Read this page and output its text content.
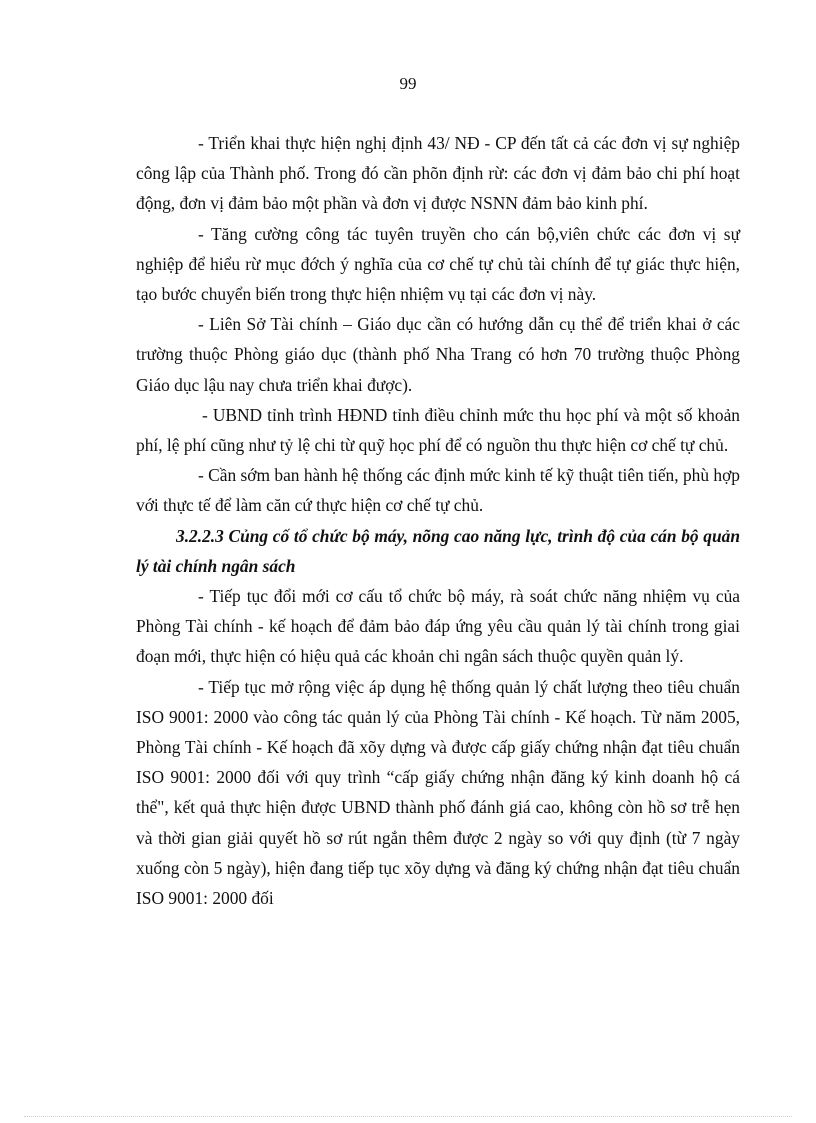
99

- Triển khai thực hiện nghị định 43/ NĐ - CP đến tất cả các đơn vị sự nghiệp công lập của Thành phố. Trong đó cần phõn định rừ: các đơn vị đảm bảo chi phí hoạt động, đơn vị đảm bảo một phần và đơn vị được NSNN đảm bảo kinh phí.

- Tăng cường công tác tuyên truyền cho cán bộ,viên chức các đơn vị sự nghiệp để hiểu rừ mục đớch ý nghĩa của cơ chế tự chủ tài chính để tự giác thực hiện, tạo bước chuyển biến trong thực hiện nhiệm vụ tại các đơn vị này.

- Liên Sở Tài chính – Giáo dục cần có hướng dẫn cụ thể để triển khai ở các trường thuộc Phòng giáo dục (thành phố Nha Trang có hơn 70 trường thuộc Phòng Giáo dục lậu nay chưa triển khai được).

- UBND tỉnh trình HĐND tỉnh điều chỉnh mức thu học phí và một số khoản phí, lệ phí cũng như tỷ lệ chi từ quỹ học phí để có nguồn thu thực hiện cơ chế tự chủ.

- Cần sớm ban hành hệ thống các định mức kinh tế kỹ thuật tiên tiến, phù hợp với thực tế để làm căn cứ thực hiện cơ chế tự chủ.

3.2.2.3 Củng cố tổ chức bộ máy, nõng cao năng lực, trình độ của cán bộ quản lý tài chính ngân sách

- Tiếp tục đổi mới cơ cấu tổ chức bộ máy, rà soát chức năng nhiệm vụ của Phòng Tài chính - kế hoạch để đảm bảo đáp ứng yêu cầu quản lý tài chính trong giai đoạn mới, thực hiện có hiệu quả các khoản chi ngân sách thuộc quyền quản lý.

- Tiếp tục mở rộng việc áp dụng hệ thống quản lý chất lượng theo tiêu chuẩn ISO 9001: 2000 vào công tác quản lý của Phòng Tài chính - Kế hoạch. Từ năm 2005, Phòng Tài chính - Kế hoạch đã xõy dựng và được cấp giấy chứng nhận đạt tiêu chuẩn ISO 9001: 2000 đối với quy trình “cấp giấy chứng nhận đăng ký kinh doanh hộ cá thể", kết quả thực hiện được UBND thành phố đánh giá cao, không còn hồ sơ trễ hẹn và thời gian giải quyết hồ sơ rút ngắn thêm được 2 ngày so với quy định (từ 7 ngày xuống còn 5 ngày), hiện đang tiếp tục xõy dựng và đăng ký chứng nhận đạt tiêu chuẩn ISO 9001: 2000 đối
